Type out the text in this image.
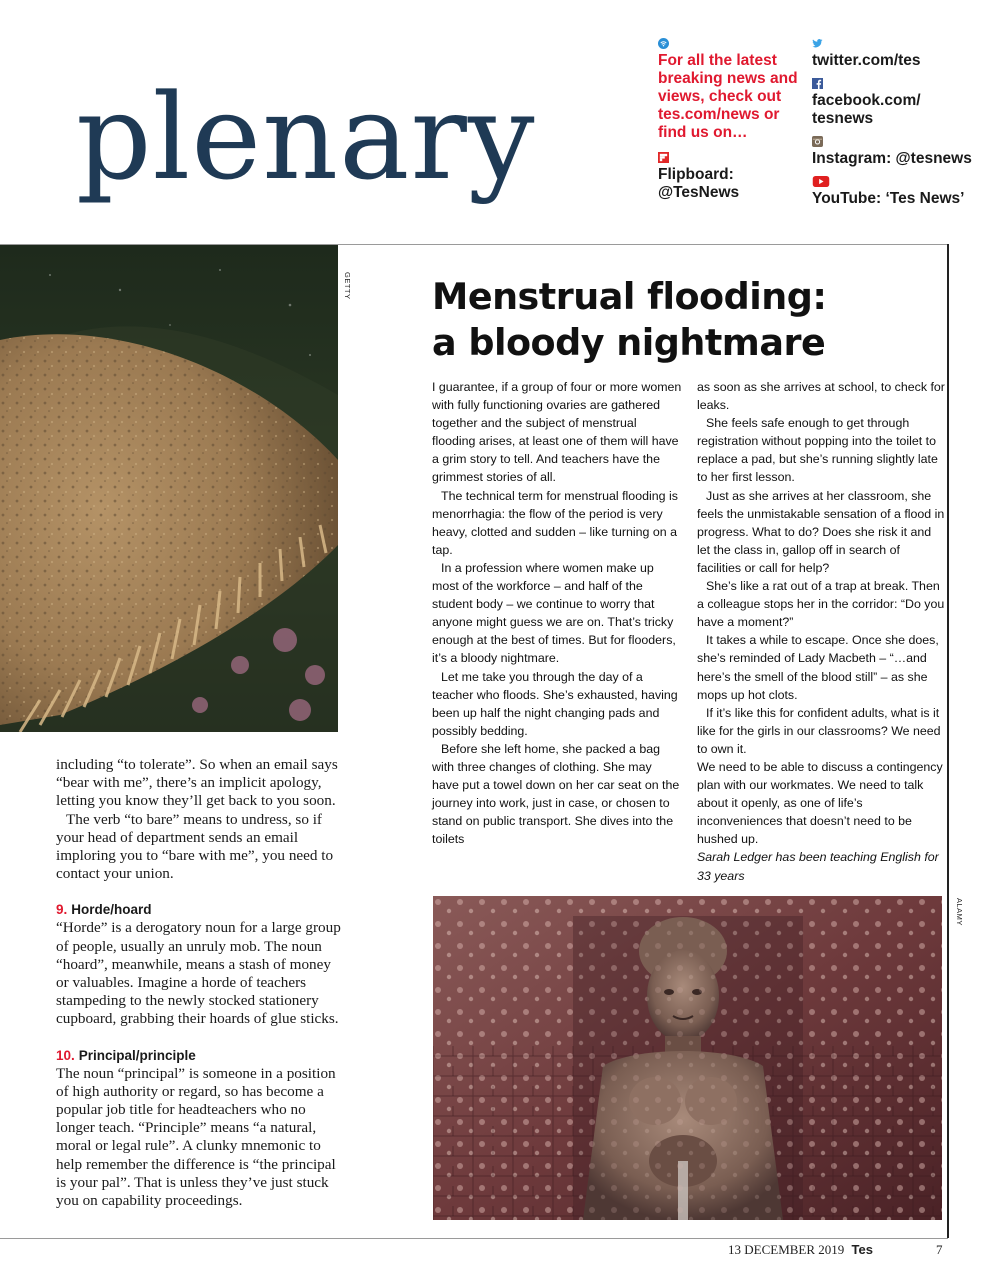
plenary
For all the latest breaking news and views, check out tes.com/news or find us on…
Flipboard: @TesNews
twitter.com/tes
facebook.com/ tesnews
Instagram: @tesnews
YouTube: ‘Tes News’
GETTY

including “to tolerate”. So when an email says “bear with me”, there’s an implicit apology, letting you know they’ll get back to you soon.

The verb “to bare” means to undress, so if your head of department sends an email imploring you to “bare with me”, you need to contact your union.

9. Horde/hoard

“Horde” is a derogatory noun for a large group of people, usually an unruly mob. The noun “hoard”, meanwhile, means a stash of money or valuables. Imagine a horde of teachers stampeding to the newly stocked stationery cupboard, grabbing their hoards of glue sticks.

10. Principal/principle

The noun “principal” is someone in a position of high authority or regard, so has become a popular job title for headteachers who no longer teach. “Principle” means “a natural, moral or legal rule”. A clunky mnemonic to help remember the difference is “the principal is your pal”. That is unless they’ve just stuck you on capability proceedings.

Menstrual flooding:
a bloody nightmare

I guarantee, if a group of four or more women with fully functioning ovaries are gathered together and the subject of menstrual flooding arises, at least one of them will have a grim story to tell. And teachers have the grimmest stories of all.

The technical term for menstrual flooding is menorrhagia: the flow of the period is very heavy, clotted and sudden – like turning on a tap.

In a profession where women make up most of the workforce – and half of the student body – we continue to worry that anyone might guess we are on. That’s tricky enough at the best of times. But for flooders, it’s a bloody nightmare.

Let me take you through the day of a teacher who floods. She’s exhausted, having been up half the night changing pads and possibly bedding.

Before she left home, she packed a bag with three changes of clothing. She may have put a towel down on her car seat on the journey into work, just in case, or chosen to stand on public transport. She dives into the toilets

as soon as she arrives at school, to check for leaks.

She feels safe enough to get through registration without popping into the toilet to replace a pad, but she’s running slightly late to her first lesson.

Just as she arrives at her classroom, she feels the unmistakable sensation of a flood in progress. What to do? Does she risk it and let the class in, gallop off in search of facilities or call for help?

She’s like a rat out of a trap at break. Then a colleague stops her in the corridor: “Do you have a moment?”

It takes a while to escape. Once she does, she’s reminded of Lady Macbeth – “…and here’s the smell of the blood still” – as she mops up hot clots.

If it’s like this for confident adults, what is it like for the girls in our classrooms? We need to own it.

We need to be able to discuss a contingency plan with our workmates. We need to talk about it openly, as one of life’s inconveniences that doesn’t need to be hushed up.

Sarah Ledger has been teaching English for 33 years

ALAMY
13 DECEMBER 2019 Tes	7
